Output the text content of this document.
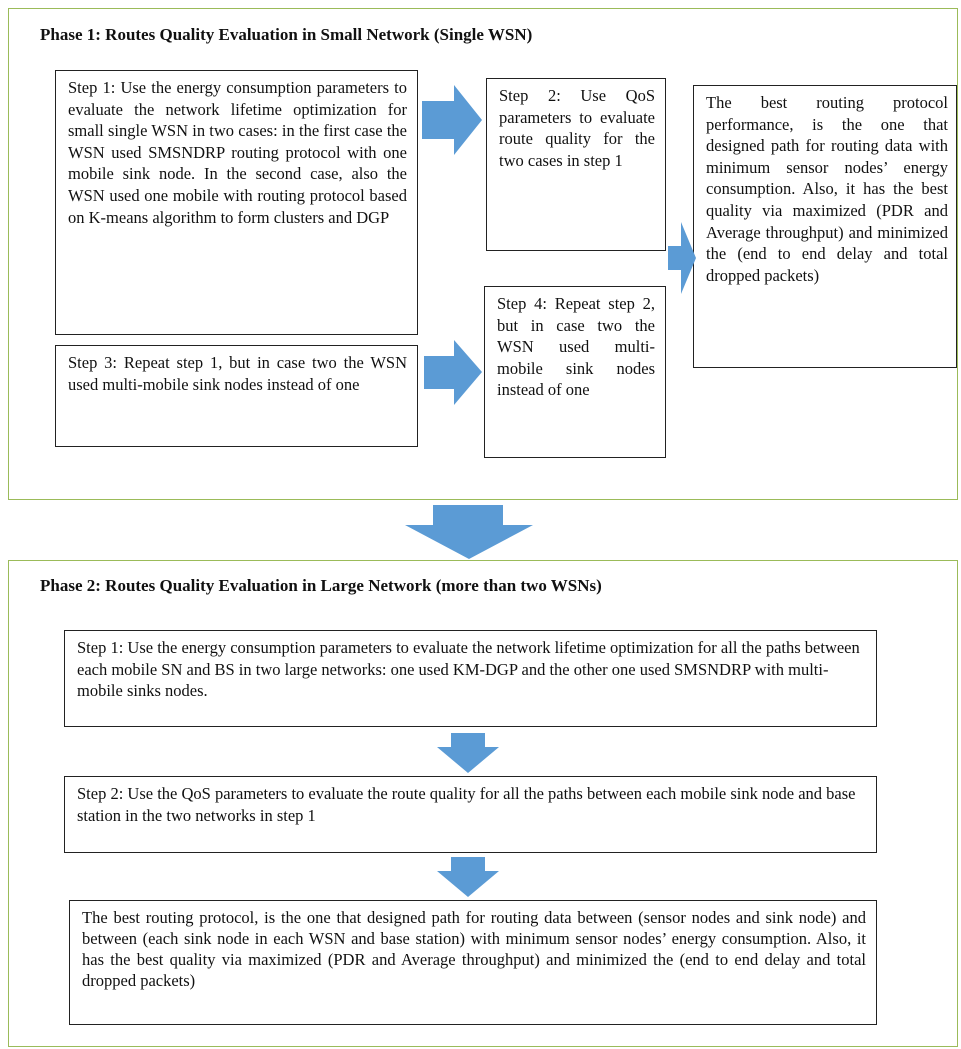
Phase 1: Routes Quality Evaluation in Small Network (Single WSN)
Step 1: Use the energy consumption parameters to evaluate the network lifetime optimization for small single WSN in two cases: in the first case the WSN used SMSNDRP routing protocol with one mobile sink node. In the second case, also the WSN used one mobile with routing protocol based on K-means algorithm to form clusters and DGP
Step 2: Use QoS parameters to evaluate route quality for the two cases in step 1
Step 3: Repeat step 1, but in case two the WSN used multi-mobile sink nodes instead of one
Step 4: Repeat step 2, but in case two the WSN used multi-mobile sink nodes instead of one
The best routing protocol performance, is the one that designed path for routing data with minimum sensor nodes’ energy consumption. Also, it has the best quality via maximized (PDR and Average throughput) and minimized the (end to end delay and total dropped packets)
Phase 2: Routes Quality Evaluation in Large Network (more than two WSNs)
Step 1: Use the energy consumption parameters to evaluate the network lifetime optimization for all the paths between each mobile SN and BS in two large networks: one used KM-DGP and the other one used SMSNDRP with multi-mobile sinks nodes.
Step 2: Use the QoS parameters to evaluate the route quality for all the paths between each mobile sink node and base station in the two networks in step 1
The best routing protocol, is the one that designed path for routing data between (sensor nodes and sink node) and between (each sink node in each WSN and base station) with minimum sensor nodes’ energy consumption. Also, it has the best quality via maximized (PDR and Average throughput) and minimized the (end to end delay and total dropped packets)
